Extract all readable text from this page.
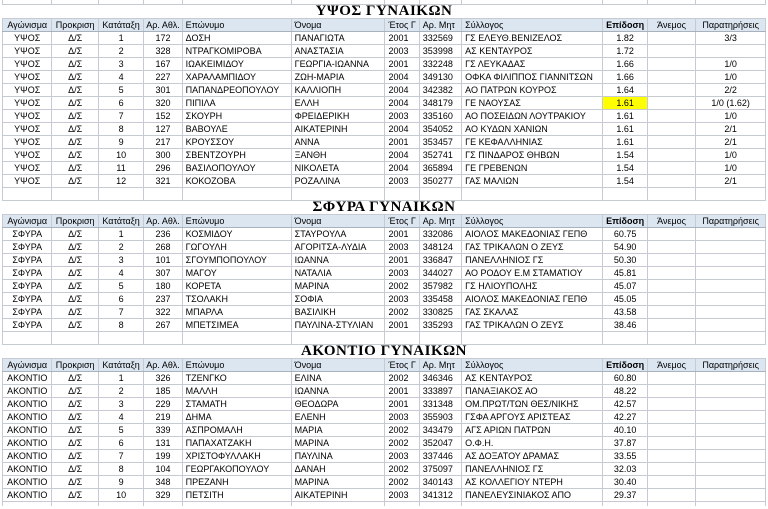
ΥΨΟΣ ΓΥΝΑΙΚΩΝ											

Αγώνισμα	Προκριση	Κατάταξη	Αρ. Αθλ.	Επώνυμο	Όνομα	Έτος Γ	Αρ. Μητ	Σύλλογος	Επίδοση	Άνεμος	Παρατηρήσεις
ΥΨΟΣ	Δ/Σ	1	172	ΔΟΣΗ	ΠΑΝΑΓΙΩΤΑ	2001	332569	ΓΣ ΕΛΕΥΘ.ΒΕΝΙΖΕΛΟΣ	1.82		3/3
ΥΨΟΣ	Δ/Σ	2	328	ΝΤΡΑΓΚΟΜΙΡΟΒΑ	ΑΝΑΣΤΑΣΙΑ	2003	353998	ΑΣ ΚΕΝΤΑΥΡΟΣ	1.72		
ΥΨΟΣ	Δ/Σ	3	167	ΙΩΑΚΕΙΜΙΔΟΥ	ΓΕΩΡΓΙΑ-ΙΩΑΝΝΑ	2001	332248	ΓΣ ΛΕΥΚΑΔΑΣ	1.66		1/0
ΥΨΟΣ	Δ/Σ	4	227	ΧΑΡΑΛΑΜΠΙΔΟΥ	ΖΩΗ-ΜΑΡΙΑ	2004	349130	ΟΦΚΑ ΦΙΛΙΠΠΟΣ ΓΙΑΝΝΙΤΣΩΝ	1.66		1/0
ΥΨΟΣ	Δ/Σ	5	301	ΠΑΠΑΝΔΡΕΟΠΟΥΛΟΥ	ΚΑΛΛΙΟΠΗ	2004	342382	ΑΟ ΠΑΤΡΩΝ ΚΟΥΡΟΣ	1.64		2/2
ΥΨΟΣ	Δ/Σ	6	320	ΠΙΠΙΛΑ	ΕΛΛΗ	2004	348179	ΓΕ ΝΑΟΥΣΑΣ	1.61		1/0 (1.62)
ΥΨΟΣ	Δ/Σ	7	152	ΣΚΟΥΡΗ	ΦΡΕΙΔΕΡΙΚΗ	2003	335160	ΑΟ ΠΟΣΕΙΔΩΝ ΛΟΥΤΡΑΚΙΟΥ	1.61		1/0
ΥΨΟΣ	Δ/Σ	8	127	ΒΑΒΟΥΛΕ	ΑΙΚΑΤΕΡΙΝΗ	2004	354052	ΑΟ ΚΥΔΩΝ ΧΑΝΙΩΝ	1.61		2/1
ΥΨΟΣ	Δ/Σ	9	217	ΚΡΟΥΣΣΟΥ	ΑΝΝΑ	2001	353457	ΓΕ ΚΕΦΑΛΛΗΝΙΑΣ	1.61		2/1
ΥΨΟΣ	Δ/Σ	10	300	ΣΒΕΝΤΖΟΥΡΗ	ΞΑΝΘΗ	2004	352741	ΓΣ ΠΙΝΔΑΡΟΣ ΘΗΒΩΝ	1.54		1/0
ΥΨΟΣ	Δ/Σ	11	296	ΒΑΣΙΛΟΠΟΥΛΟΥ	ΝΙΚΟΛΕΤΑ	2004	365894	ΓΕ ΓΡΕΒΕΝΩΝ	1.54		1/0
ΥΨΟΣ	Δ/Σ	12	321	ΚΟΚΟΖΟΒΑ	ΡΟΖΑΛΙΝΑ	2003	350277	ΓΑΣ ΜΑΛΙΩΝ	1.54		2/1

ΣΦΥΡΑ ΓΥΝΑΙΚΩΝ											

Αγώνισμα	Προκριση	Κατάταξη	Αρ. Αθλ.	Επώνυμο	Όνομα	Έτος Γ	Αρ. Μητ	Σύλλογος	Επίδοση	Άνεμος	Παρατηρήσεις
ΣΦΥΡΑ	Δ/Σ	1	236	ΚΟΣΜΙΔΟΥ	ΣΤΑΥΡΟΥΛΑ	2001	332086	ΑΙΟΛΟΣ ΜΑΚΕΔΟΝΙΑΣ ΓΕΠΘ	60.75		
ΣΦΥΡΑ	Δ/Σ	2	268	ΓΩΓΟΥΛΗ	ΑΓΟΡΙΤΣΑ-ΛΥΔΙΑ	2003	348124	ΓΑΣ ΤΡΙΚΑΛΩΝ Ο ΖΕΥΣ	54.90		
ΣΦΥΡΑ	Δ/Σ	3	101	ΣΓΟΥΜΠΟΠΟΥΛΟΥ	ΙΩΑΝΝΑ	2001	336847	ΠΑΝΕΛΛΗΝΙΟΣ ΓΣ	50.30		
ΣΦΥΡΑ	Δ/Σ	4	307	ΜΑΓΟΥ	ΝΑΤΑΛΙΑ	2003	344027	ΑΟ ΡΟΔΟΥ Ε.Μ ΣΤΑΜΑΤΙΟΥ	45.81		
ΣΦΥΡΑ	Δ/Σ	5	180	ΚΟΡΕΤΑ	ΜΑΡΙΝΑ	2002	357982	ΓΣ ΗΛΙΟΥΠΟΛΗΣ	45.07		
ΣΦΥΡΑ	Δ/Σ	6	237	ΤΣΟΛΑΚΗ	ΣΟΦΙΑ	2003	335458	ΑΙΟΛΟΣ ΜΑΚΕΔΟΝΙΑΣ ΓΕΠΘ	45.05		
ΣΦΥΡΑ	Δ/Σ	7	322	ΜΠΑΡΛΑ	ΒΑΣΙΛΙΚΗ	2002	330825	ΓΑΣ ΣΚΑΛΑΣ	43.58		
ΣΦΥΡΑ	Δ/Σ	8	267	ΜΠΕΤΣΙΜΕΑ	ΠΑΥΛΙΝΑ-ΣΤΥΛΙΑΝ	2001	335293	ΓΑΣ ΤΡΙΚΑΛΩΝ Ο ΖΕΥΣ	38.46		

ΑΚΟΝΤΙΟ ΓΥΝΑΙΚΩΝ											

Αγώνισμα	Προκριση	Κατάταξη	Αρ. Αθλ.	Επώνυμο	Όνομα	Έτος Γ	Αρ. Μητ	Σύλλογος	Επίδοση	Άνεμος	Παρατηρήσεις
ΑΚΟΝΤΙΟ	Δ/Σ	1	326	ΤΖΕΝΓΚΟ	ΕΛΙΝΑ	2002	346346	ΑΣ ΚΕΝΤΑΥΡΟΣ	60.80		
ΑΚΟΝΤΙΟ	Δ/Σ	2	185	ΜΑΛΛΗ	ΙΩΑΝΝΑ	2001	333897	ΠΑΝΑΞΙΑΚΟΣ ΑΟ	48.22		
ΑΚΟΝΤΙΟ	Δ/Σ	3	229	ΣΤΑΜΑΤΗ	ΘΕΟΔΩΡΑ	2001	331348	ΟΜ.ΠΡΩΤ/ΤΩΝ ΘΕΣ/ΝΙΚΗΣ	42.57		
ΑΚΟΝΤΙΟ	Δ/Σ	4	219	ΔΗΜΑ	ΕΛΕΝΗ	2003	355903	ΓΣΦΑ ΑΡΓΟΥΣ ΑΡΙΣΤΕΑΣ	42.27		
ΑΚΟΝΤΙΟ	Δ/Σ	5	339	ΑΣΠΡΟΜΑΛΗ	ΜΑΡΙΑ	2002	343479	ΑΓΣ ΑΡΙΩΝ ΠΑΤΡΩΝ	40.10		
ΑΚΟΝΤΙΟ	Δ/Σ	6	131	ΠΑΠΑΧΑΤΖΑΚΗ	ΜΑΡΙΝΑ	2002	352047	Ο.Φ.Η.	37.87		
ΑΚΟΝΤΙΟ	Δ/Σ	7	199	ΧΡΙΣΤΟΦΥΛΛΑΚΗ	ΠΑΥΛΙΝΑ	2003	337446	ΑΣ ΔΟΞΑΤΟΥ ΔΡΑΜΑΣ	33.55		
ΑΚΟΝΤΙΟ	Δ/Σ	8	104	ΓΕΩΡΓΑΚΟΠΟΥΛΟΥ	ΔΑΝΑΗ	2002	375097	ΠΑΝΕΛΛΗΝΙΟΣ ΓΣ	32.03		
ΑΚΟΝΤΙΟ	Δ/Σ	9	348	ΠΡΕΖΑΝΗ	ΜΑΡΙΝΑ	2002	340143	ΑΣ ΚΟΛΛΕΓΙΟΥ ΝΤΕΡΗ	30.40		
ΑΚΟΝΤΙΟ	Δ/Σ	10	329	ΠΕΤΣΙΤΗ	ΑΙΚΑΤΕΡΙΝΗ	2003	341312	ΠΑΝΕΛΕΥΣΙΝΙΑΚΟΣ ΑΠΟ	29.37		
